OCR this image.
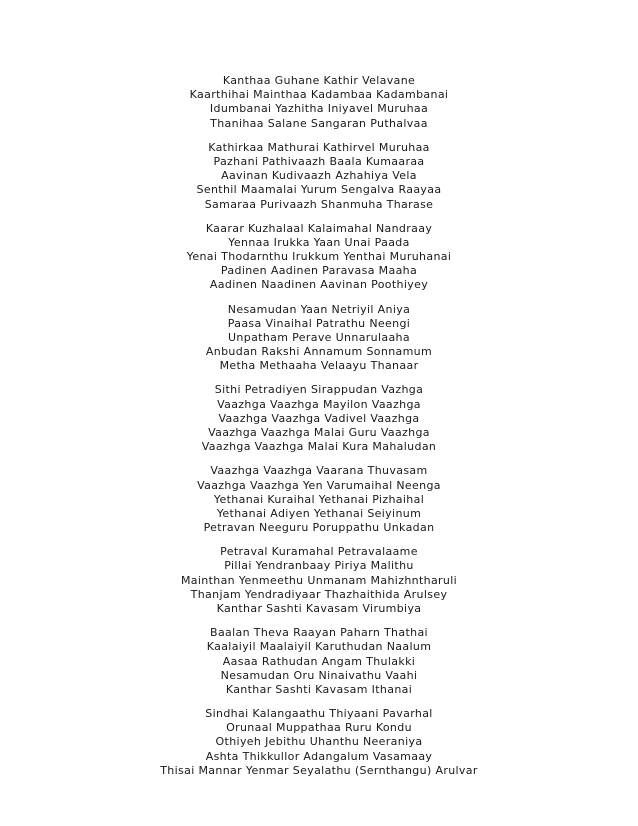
Kanthaa Guhane Kathir Velavane
Kaarthihai Mainthaa Kadambaa Kadambanai
Idumbanai Yazhitha Iniyavel Muruhaa
Thanihaa Salane Sangaran Puthalvaa
Kathirkaa Mathurai Kathirvel Muruhaa
Pazhani Pathivaazh Baala Kumaaraa
Aavinan Kudivaazh Azhahiya Vela
Senthil Maamalai Yurum Sengalva Raayaa
Samaraa Purivaazh Shanmuha Tharase
Kaarar Kuzhalaal Kalaimahal Nandraay
Yennaa Irukka Yaan Unai Paada
Yenai Thodarnthu Irukkum Yenthai Muruhanai
Padinen Aadinen Paravasa Maaha
Aadinen Naadinen Aavinan Poothiyey
Nesamudan Yaan Netriyil Aniya
Paasa Vinaihal Patrathu Neengi
Unpatham Perave Unnarulaaha
Anbudan Rakshi Annamum Sonnamum
Metha Methaaha Velaayu Thanaar
Sithi Petradiyen Sirappudan Vazhga
Vaazhga Vaazhga Mayilon Vaazhga
Vaazhga Vaazhga Vadivel Vaazhga
Vaazhga Vaazhga Malai Guru Vaazhga
Vaazhga Vaazhga Malai Kura Mahaludan
Vaazhga Vaazhga Vaarana Thuvasam
Vaazhga Vaazhga Yen Varumaihal Neenga
Yethanai Kuraihal Yethanai Pizhaihal
Yethanai Adiyen Yethanai Seiyinum
Petravan Neeguru Poruppathu Unkadan
Petraval Kuramahal Petravalaame
Pillai Yendranbaay Piriya Malithu
Mainthan Yenmeethu Unmanam Mahizhntharuli
Thanjam Yendradiyaar Thazhaithida Arulsey
Kanthar Sashti Kavasam Virumbiya
Baalan Theva Raayan Paharn Thathai
Kaalaiyil Maalaiyil Karuthudan Naalum
Aasaa Rathudan Angam Thulakki
Nesamudan Oru Ninaivathu Vaahi
Kanthar Sashti Kavasam Ithanai
Sindhai Kalangaathu Thiyaani Pavarhal
Orunaal Muppathaa Ruru Kondu
Othiyeh Jebithu Uhanthu Neeraniya
Ashta Thikkullor Adangalum Vasamaay
Thisai Mannar Yenmar Seyalathu (Sernthangu) Arulvar
